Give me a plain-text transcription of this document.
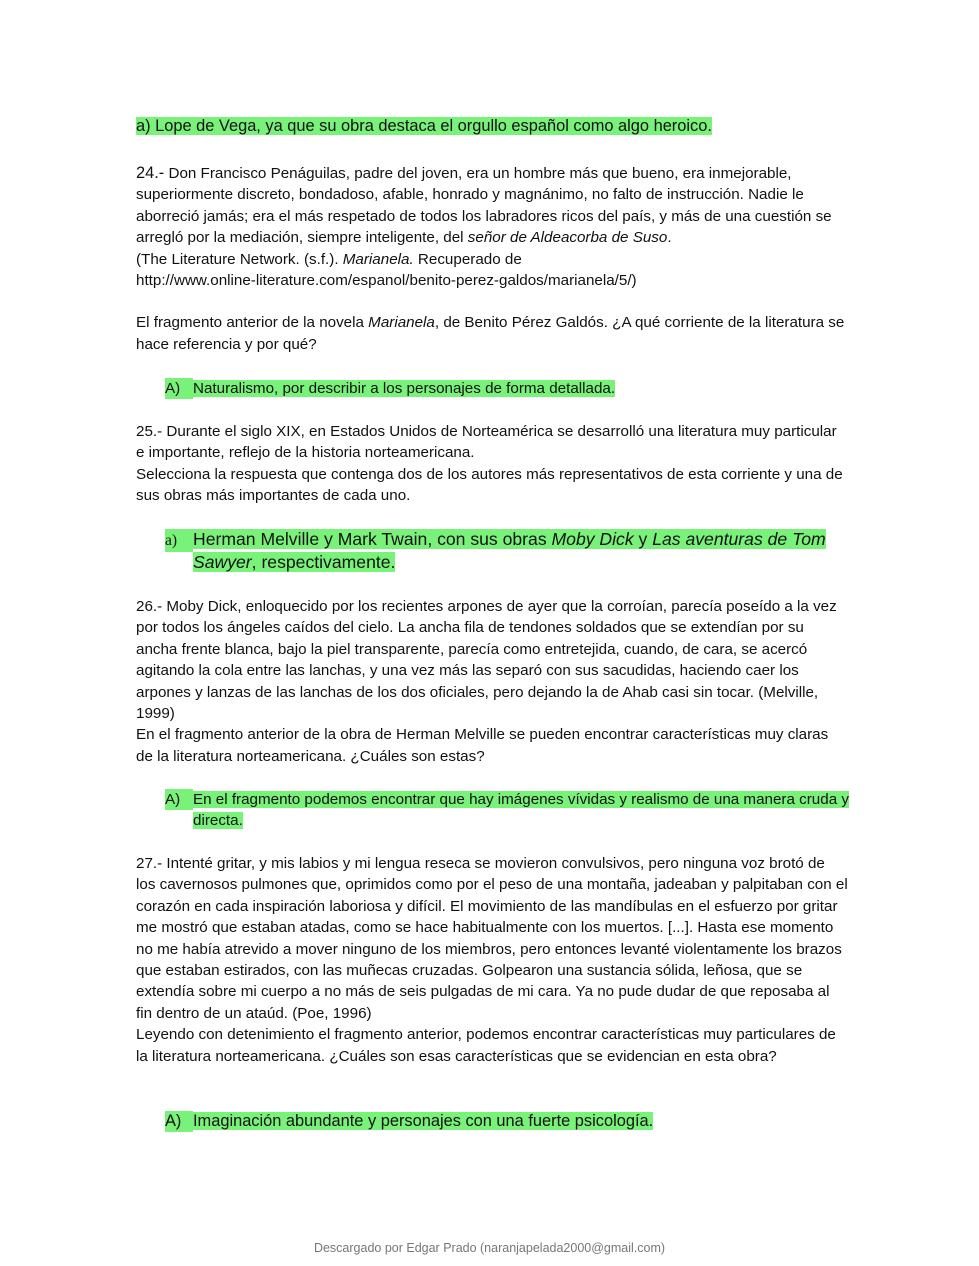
a) Lope de Vega, ya que su obra destaca el orgullo español como algo heroico.

24.- Don Francisco Penáguilas, padre del joven, era un hombre más que bueno, era inmejorable, superiormente discreto, bondadoso, afable, honrado y magnánimo, no falto de instrucción. Nadie le aborreció jamás; era el más respetado de todos los labradores ricos del país, y más de una cuestión se arregló por la mediación, siempre inteligente, del señor de Aldeacorba de Suso.

(The Literature Network. (s.f.). Marianela. Recuperado de

http://www.online-literature.com/espanol/benito-perez-galdos/marianela/5/)

El fragmento anterior de la novela Marianela, de Benito Pérez Galdós. ¿A qué corriente de la literatura se hace referencia y por qué?

A) Naturalismo, por describir a los personajes de forma detallada.

25.- Durante el siglo XIX, en Estados Unidos de Norteamérica se desarrolló una literatura muy particular e importante, reflejo de la historia norteamericana.

Selecciona la respuesta que contenga dos de los autores más representativos de esta corriente y una de sus obras más importantes de cada uno.

a) Herman Melville y Mark Twain, con sus obras Moby Dick y Las aventuras de Tom Sawyer, respectivamente.

26.- Moby Dick, enloquecido por los recientes arpones de ayer que la corroían, parecía poseído a la vez por todos los ángeles caídos del cielo. La ancha fila de tendones soldados que se extendían por su ancha frente blanca, bajo la piel transparente, parecía como entretejida, cuando, de cara, se acercó agitando la cola entre las lanchas, y una vez más las separó con sus sacudidas, haciendo caer los arpones y lanzas de las lanchas de los dos oficiales, pero dejando la de Ahab casi sin tocar. (Melville, 1999)

En el fragmento anterior de la obra de Herman Melville se pueden encontrar características muy claras de la literatura norteamericana. ¿Cuáles son estas?

A) En el fragmento podemos encontrar que hay imágenes vívidas y realismo de una manera cruda y directa.

27.- Intenté gritar, y mis labios y mi lengua reseca se movieron convulsivos, pero ninguna voz brotó de los cavernosos pulmones que, oprimidos como por el peso de una montaña, jadeaban y palpitaban con el corazón en cada inspiración laboriosa y difícil. El movimiento de las mandíbulas en el esfuerzo por gritar me mostró que estaban atadas, como se hace habitualmente con los muertos. [...]. Hasta ese momento no me había atrevido a mover ninguno de los miembros, pero entonces levanté violentamente los brazos que estaban estirados, con las muñecas cruzadas. Golpearon una sustancia sólida, leñosa, que se extendía sobre mi cuerpo a no más de seis pulgadas de mi cara. Ya no pude dudar de que reposaba al fin dentro de un ataúd. (Poe, 1996)

Leyendo con detenimiento el fragmento anterior, podemos encontrar características muy particulares de la literatura norteamericana. ¿Cuáles son esas características que se evidencian en esta obra?

A) Imaginación abundante y personajes con una fuerte psicología.
Descargado por Edgar Prado (naranjapelada2000@gmail.com)
